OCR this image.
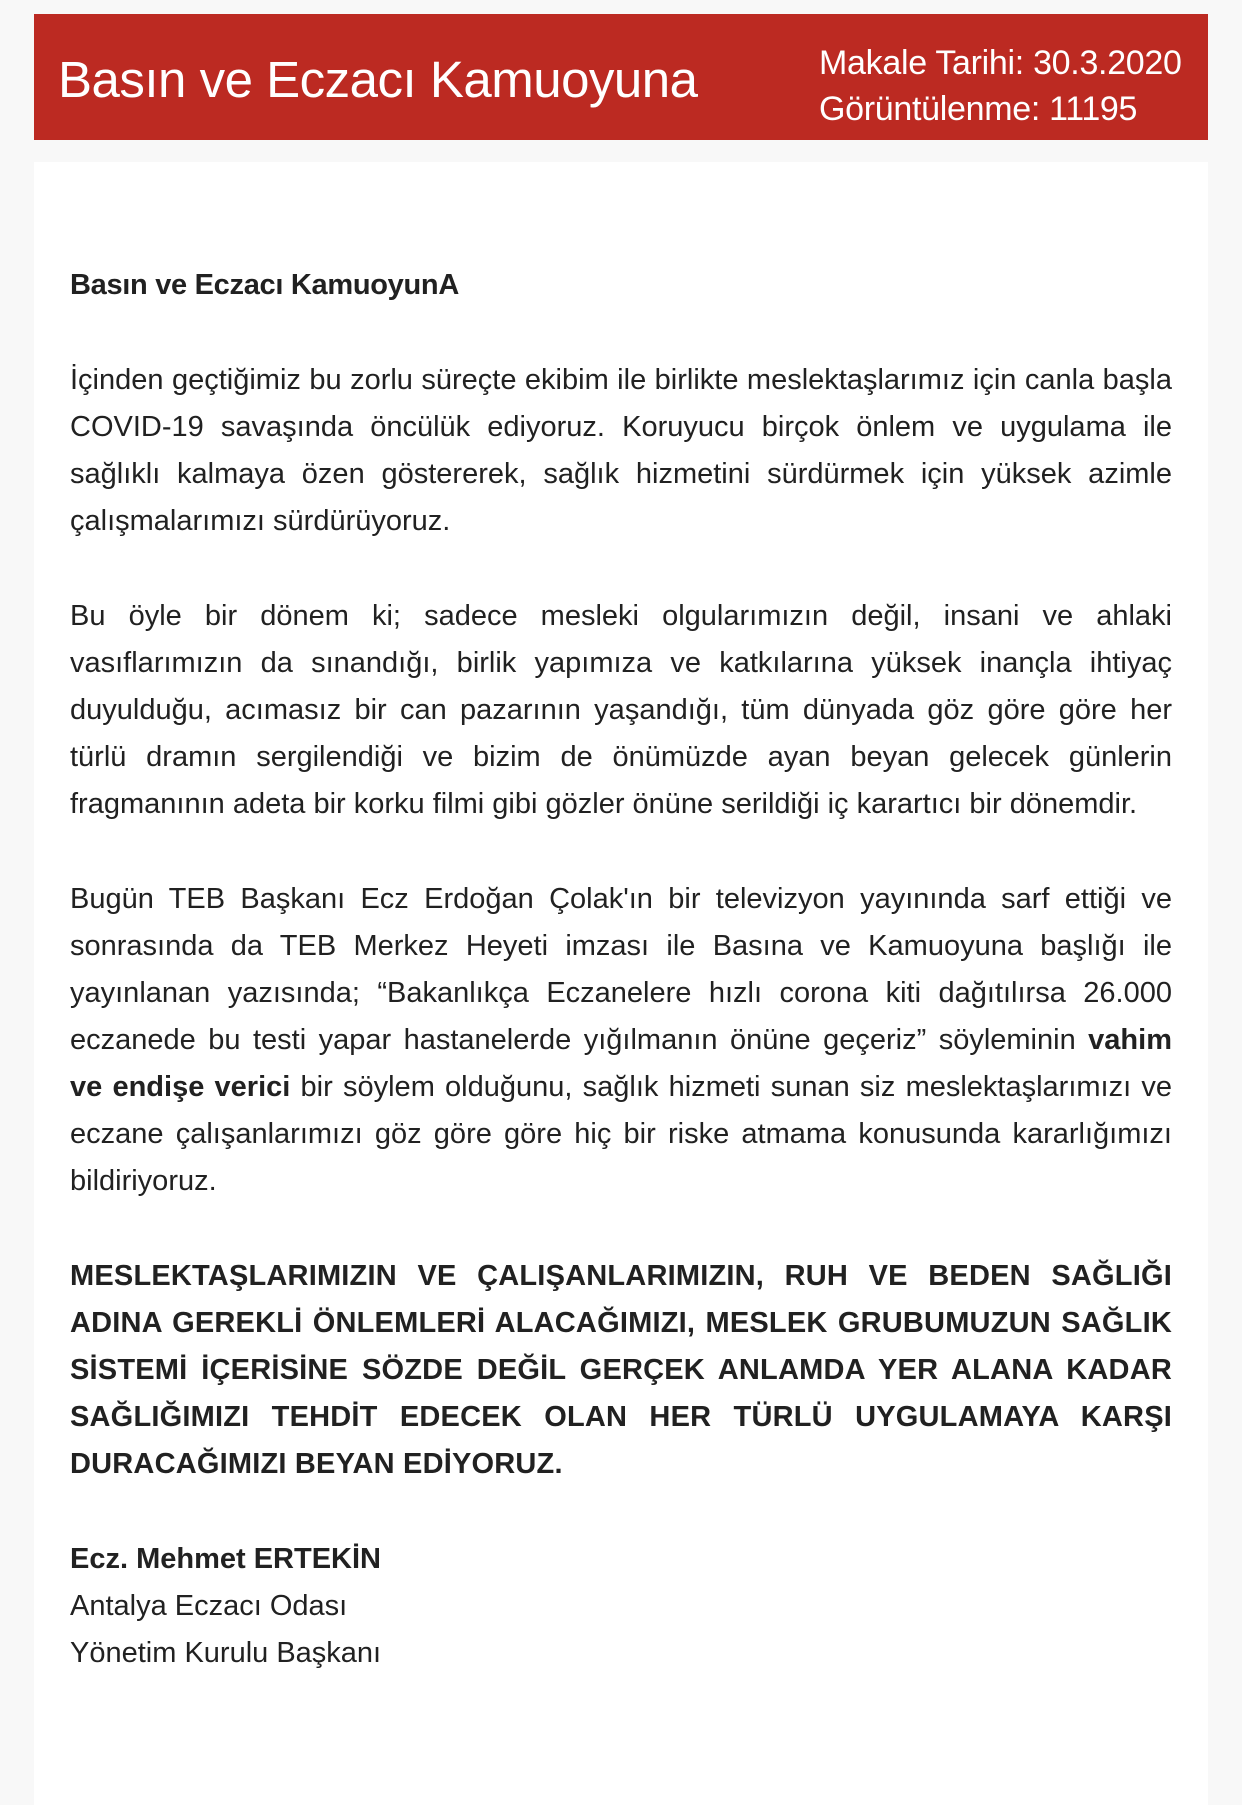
Basın ve Eczacı Kamuoyuna	Makale Tarihi: 30.3.2020
Görüntülenme: 11195

Basın ve Eczacı KamuoyunA

İçinden geçtiğimiz bu zorlu süreçte ekibim ile birlikte meslektaşlarımız için canla başla COVID-19 savaşında öncülük ediyoruz. Koruyucu birçok önlem ve uygulama ile sağlıklı kalmaya özen göstererek, sağlık hizmetini sürdürmek için yüksek azimle çalışmalarımızı sürdürüyoruz.

Bu öyle bir dönem ki; sadece mesleki olgularımızın değil, insani ve ahlaki vasıflarımızın da sınandığı, birlik yapımıza ve katkılarına yüksek inançla ihtiyaç duyulduğu, acımasız bir can pazarının yaşandığı, tüm dünyada göz göre göre her türlü dramın sergilendiği ve bizim de önümüzde ayan beyan gelecek günlerin fragmanının adeta bir korku filmi gibi gözler önüne serildiği iç karartıcı bir dönemdir.

Bugün TEB Başkanı Ecz Erdoğan Çolak'ın bir televizyon yayınında sarf ettiği ve sonrasında da TEB Merkez Heyeti imzası ile Basına ve Kamuoyuna başlığı ile yayınlanan yazısında; “Bakanlıkça Eczanelere hızlı corona kiti dağıtılırsa 26.000 eczanede bu testi yapar hastanelerde yığılmanın önüne geçeriz” söyleminin vahim ve endişe verici bir söylem olduğunu, sağlık hizmeti sunan siz meslektaşlarımızı ve eczane çalışanlarımızı göz göre göre hiç bir riske atmama konusunda kararlığımızı bildiriyoruz.

MESLEKTAŞLARIMIZIN VE ÇALIŞANLARIMIZIN, RUH VE BEDEN SAĞLIĞI ADINA GEREKLİ ÖNLEMLERİ ALACAĞIMIZI, MESLEK GRUBUMUZUN SAĞLIK SİSTEMİ İÇERİSİNE SÖZDE DEĞİL GERÇEK ANLAMDA YER ALANA KADAR SAĞLIĞIMIZI TEHDİT EDECEK OLAN HER TÜRLÜ UYGULAMAYA KARŞI DURACAĞIMIZI BEYAN EDİYORUZ.

Ecz. Mehmet ERTEKİN
Antalya Eczacı Odası
Yönetim Kurulu Başkanı
